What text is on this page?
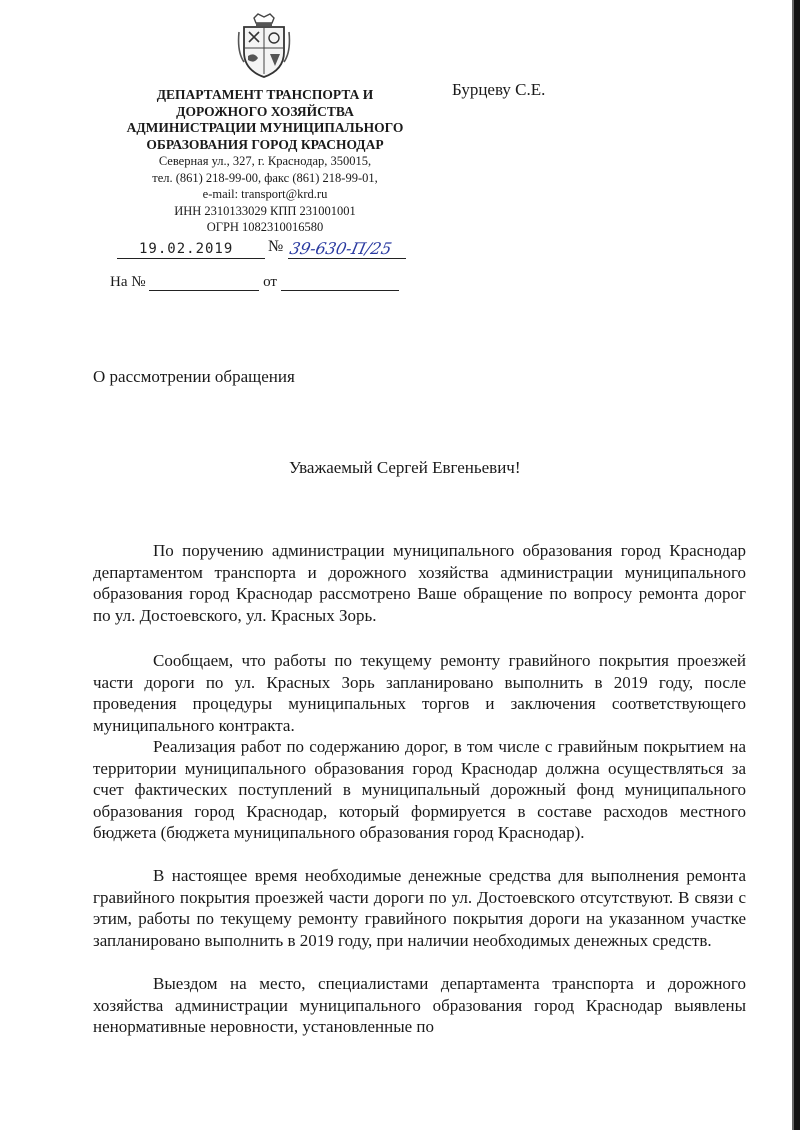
ДЕПАРТАМЕНТ ТРАНСПОРТА И ДОРОЖНОГО ХОЗЯЙСТВА АДМИНИСТРАЦИИ МУНИЦИПАЛЬНОГО ОБРАЗОВАНИЯ ГОРОД КРАСНОДАР
Северная ул., 327, г. Краснодар, 350015,
тел. (861) 218-99-00, факс (861) 218-99-01,
e-mail: transport@krd.ru
ИНН 2310133029 КПП 231001001
ОГРН 1082310016580
Бурцеву С.Е.
19.02.2019 № 39-630-П/25
На №	от
О рассмотрении обращения
Уважаемый Сергей Евгеньевич!
По поручению администрации муниципального образования город Краснодар департаментом транспорта и дорожного хозяйства администрации муниципального образования город Краснодар рассмотрено Ваше обращение по вопросу ремонта дорог по ул. Достоевского, ул. Красных Зорь.
Сообщаем, что работы по текущему ремонту гравийного покрытия проезжей части дороги по ул. Красных Зорь запланировано выполнить в 2019 году, после проведения процедуры муниципальных торгов и заключения соответствующего муниципального контракта.
Реализация работ по содержанию дорог, в том числе с гравийным покрытием на территории муниципального образования город Краснодар должна осуществляться за счет фактических поступлений в муниципальный дорожный фонд муниципального образования город Краснодар, который формируется в составе расходов местного бюджета (бюджета муниципального образования город Краснодар).
В настоящее время необходимые денежные средства для выполнения ремонта гравийного покрытия проезжей части дороги по ул. Достоевского отсутствуют. В связи с этим, работы по текущему ремонту гравийного покрытия дороги на указанном участке запланировано выполнить в 2019 году, при наличии необходимых денежных средств.
Выездом на место, специалистами департамента транспорта и дорожного хозяйства администрации муниципального образования город Краснодар выявлены ненормативные неровности, установленные по
